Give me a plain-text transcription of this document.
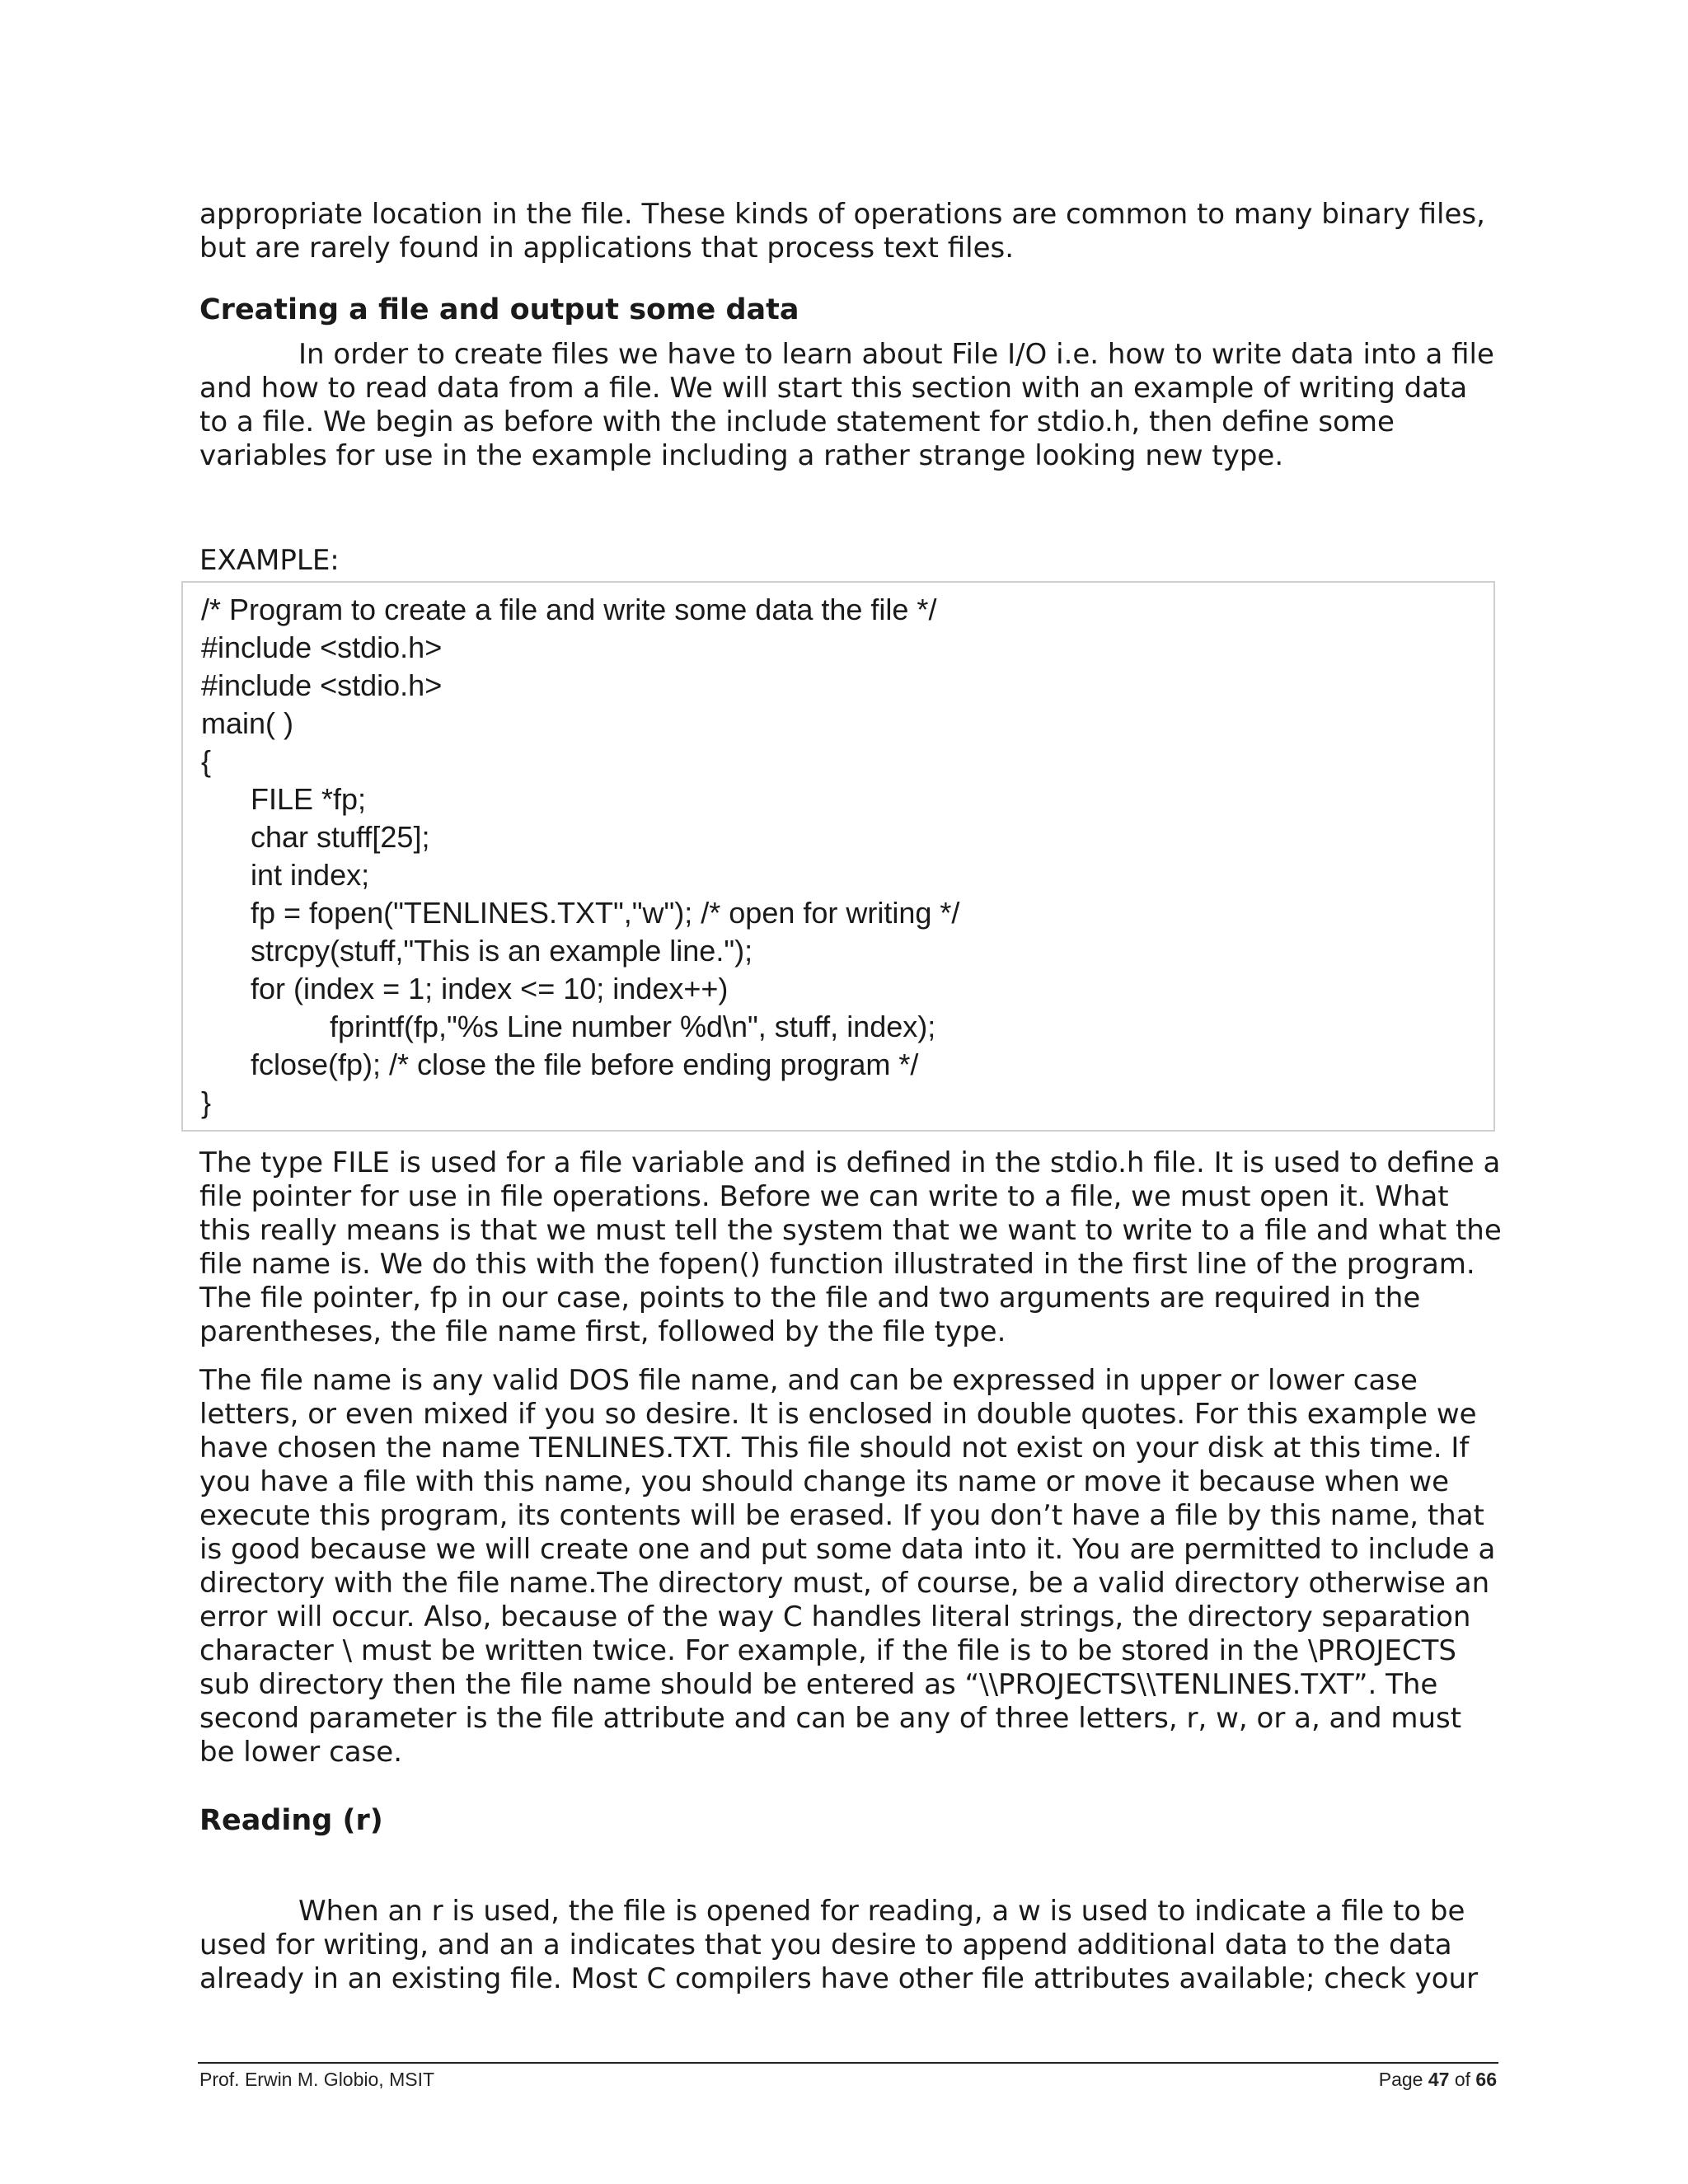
appropriate location in the file. These kinds of operations are common to many binary files, but are rarely found in applications that process text files.

Creating a file and output some data

In order to create files we have to learn about File I/O i.e. how to write data into a file and how to read data from a file. We will start this section with an example of writing data to a file. We begin as before with the include statement for stdio.h, then define some variables for use in the example including a rather strange looking new type.

EXAMPLE:

/* Program to create a file and write some data the file */
#include <stdio.h>
#include <stdio.h>
main( )
{
FILE *fp;
char stuff[25];
int index;
fp = fopen("TENLINES.TXT","w"); /* open for writing */
strcpy(stuff,"This is an example line.");
for (index = 1; index <= 10; index++)
fprintf(fp,"%s Line number %d\n", stuff, index);
fclose(fp); /* close the file before ending program */
}

The type FILE is used for a file variable and is defined in the stdio.h file. It is used to define a file pointer for use in file operations. Before we can write to a file, we must open it. What this really means is that we must tell the system that we want to write to a file and what the file name is. We do this with the fopen() function illustrated in the first line of the program. The file pointer, fp in our case, points to the file and two arguments are required in the parentheses, the file name first, followed by the file type.

The file name is any valid DOS file name, and can be expressed in upper or lower case letters, or even mixed if you so desire. It is enclosed in double quotes. For this example we have chosen the name TENLINES.TXT. This file should not exist on your disk at this time. If you have a file with this name, you should change its name or move it because when we execute this program, its contents will be erased. If you don’t have a file by this name, that is good because we will create one and put some data into it. You are permitted to include a directory with the file name.The directory must, of course, be a valid directory otherwise an error will occur. Also, because of the way C handles literal strings, the directory separation character \ must be written twice. For example, if the file is to be stored in the \PROJECTS sub directory then the file name should be entered as “\\PROJECTS\\TENLINES.TXT”. The second parameter is the file attribute and can be any of three letters, r, w, or a, and must be lower case.

Reading (r)

When an r is used, the file is opened for reading, a w is used to indicate a file to be used for writing, and an a indicates that you desire to append additional data to the data already in an existing file. Most C compilers have other file attributes available; check your

Prof. Erwin M. Globio, MSIT	Page 47 of 66
